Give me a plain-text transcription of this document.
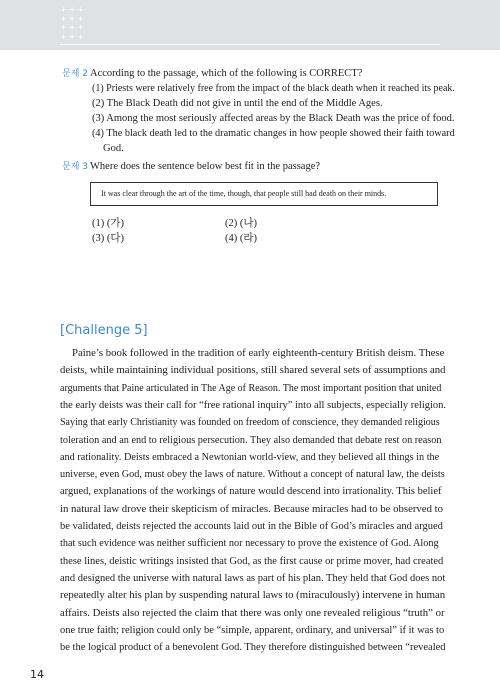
+++
+++
+++
+++
문제 2 According to the passage, which of the following is CORRECT?
(1) Priests were relatively free from the impact of the black death when it reached its peak.
(2) The Black Death did not give in until the end of the Middle Ages.
(3) Among the most seriously affected areas by the Black Death was the price of food.
(4) The black death led to the dramatic changes in how people showed their faith toward
God.
문제 3 Where does the sentence below best fit in the passage?
It was clear through the art of the time, though, that people still had death on their minds.
(1) (가)	(2) (나)
(3) (다)	(4) (라)
[Challenge 5]
Paine’s book followed in the tradition of early eighteenth-century British deism. These
deists, while maintaining individual positions, still shared several sets of assumptions and
arguments that Paine articulated in The Age of Reason. The most important position that united
the early deists was their call for “free rational inquiry” into all subjects, especially religion.
Saying that early Christianity was founded on freedom of conscience, they demanded religious
toleration and an end to religious persecution. They also demanded that debate rest on reason
and rationality. Deists embraced a Newtonian world-view, and they believed all things in the
universe, even God, must obey the laws of nature. Without a concept of natural law, the deists
argued, explanations of the workings of nature would descend into irrationality. This belief
in natural law drove their skepticism of miracles. Because miracles had to be observed to
be validated, deists rejected the accounts laid out in the Bible of God’s miracles and argued
that such evidence was neither sufficient nor necessary to prove the existence of God. Along
these lines, deistic writings insisted that God, as the first cause or prime mover, had created
and designed the universe with natural laws as part of his plan. They held that God does not
repeatedly alter his plan by suspending natural laws to (miraculously) intervene in human
affairs. Deists also rejected the claim that there was only one revealed religious “truth” or
one true faith; religion could only be “simple, apparent, ordinary, and universal” if it was to
14
be the logical product of a benevolent God. They therefore distinguished between “revealed
